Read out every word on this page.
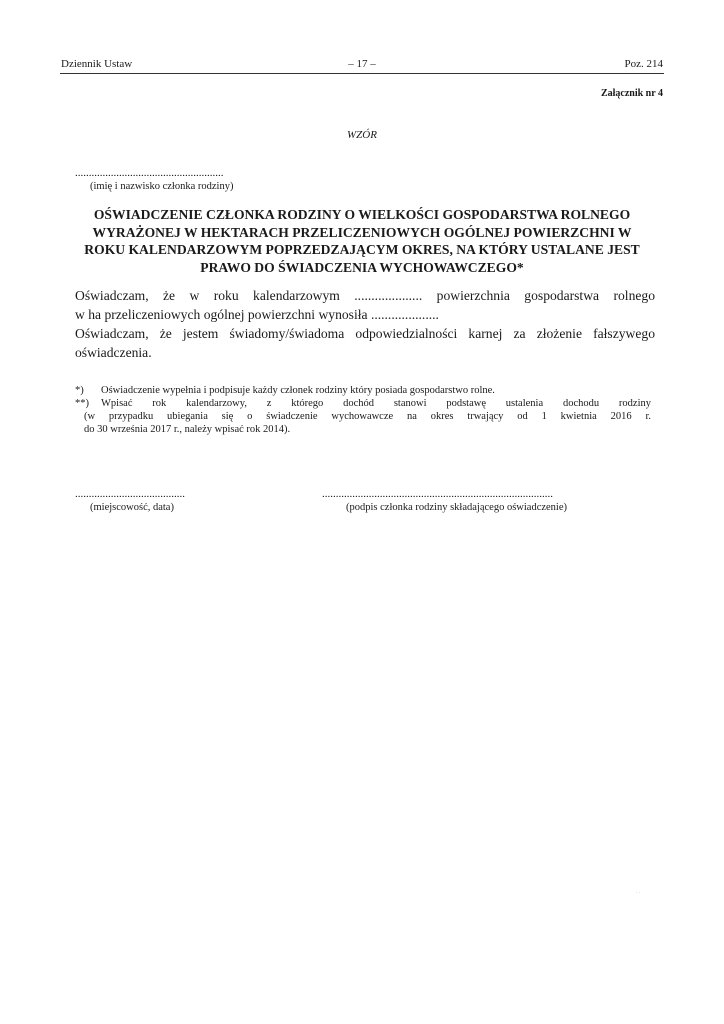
Dziennik Ustaw	– 17 –	Poz. 214
Załącznik nr 4
WZÓR
......................................................
(imię i nazwisko członka rodziny)
OŚWIADCZENIE CZŁONKA RODZINY O WIELKOŚCI GOSPODARSTWA ROLNEGO
WYRAŻONEJ W HEKTARACH PRZELICZENIOWYCH OGÓLNEJ POWIERZCHNI W
ROKU KALENDARZOWYM POPRZEDZAJĄCYM OKRES, NA KTÓRY USTALANE JEST
PRAWO DO ŚWIADCZENIA WYCHOWAWCZEGO*

Oświadczam, że w roku kalendarzowym .................... powierzchnia gospodarstwa rolnego

w ha przeliczeniowych ogólnej powierzchni wynosiła ....................

Oświadczam, że jestem świadomy/świadoma odpowiedzialności karnej za złożenie fałszywego

oświadczenia.

*) Oświadczenie wypełnia i podpisuje każdy członek rodziny który posiada gospodarstwo rolne.
**) Wpisać rok kalendarzowy, z którego dochód stanowi podstawę ustalenia dochodu rodziny
(w przypadku ubiegania się o świadczenie wychowawcze na okres trwający od 1 kwietnia 2016 r.
do 30 września 2017 r., należy wpisać rok 2014).
........................................
(miejscowość, data)
....................................................................................
(podpis członka rodziny składającego oświadczenie)
. .
